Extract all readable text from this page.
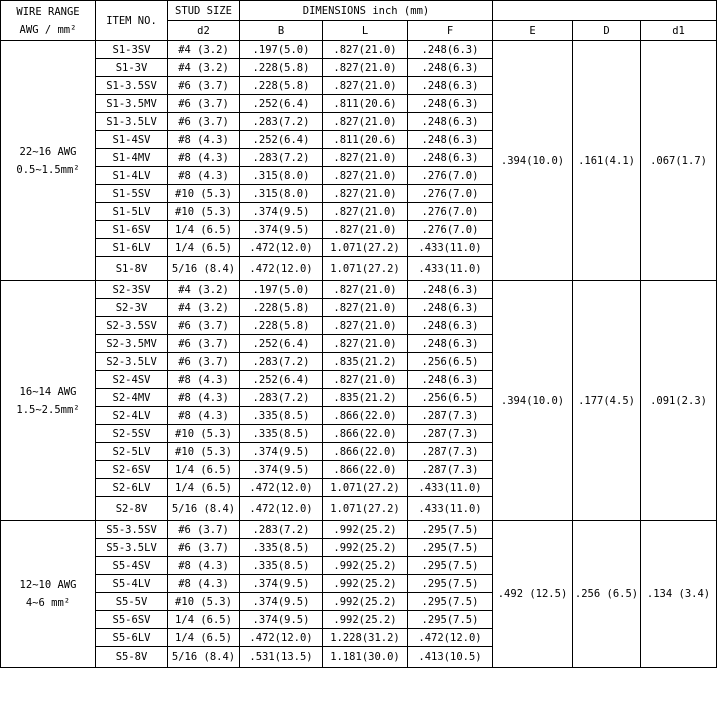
WIRE RANGE
AWG / mm²	ITEM NO.	STUD SIZE	DIMENSIONS inch (mm)					
		d2	B	L	F	E	D	d1

22~16 AWG
0.5~1.5mm²	S1-3SV	#4 (3.2)	.197(5.0)	.827(21.0)	.248(6.3)	.394(10.0)	.161(4.1)	.067(1.7)
	S1-3V	#4 (3.2)	.228(5.8)	.827(21.0)	.248(6.3)			
	S1-3.5SV	#6 (3.7)	.228(5.8)	.827(21.0)	.248(6.3)			
	S1-3.5MV	#6 (3.7)	.252(6.4)	.811(20.6)	.248(6.3)			
	S1-3.5LV	#6 (3.7)	.283(7.2)	.827(21.0)	.248(6.3)			
	S1-4SV	#8 (4.3)	.252(6.4)	.811(20.6)	.248(6.3)			
	S1-4MV	#8 (4.3)	.283(7.2)	.827(21.0)	.248(6.3)			
	S1-4LV	#8 (4.3)	.315(8.0)	.827(21.0)	.276(7.0)			
	S1-5SV	#10 (5.3)	.315(8.0)	.827(21.0)	.276(7.0)			
	S1-5LV	#10 (5.3)	.374(9.5)	.827(21.0)	.276(7.0)			
	S1-6SV	1/4 (6.5)	.374(9.5)	.827(21.0)	.276(7.0)			
	S1-6LV	1/4 (6.5)	.472(12.0)	1.071(27.2)	.433(11.0)			
	S1-8V	5/16 (8.4)	.472(12.0)	1.071(27.2)	.433(11.0)			

16~14 AWG
1.5~2.5mm²	S2-3SV	#4 (3.2)	.197(5.0)	.827(21.0)	.248(6.3)	.394(10.0)	.177(4.5)	.091(2.3)
	S2-3V	#4 (3.2)	.228(5.8)	.827(21.0)	.248(6.3)			
	S2-3.5SV	#6 (3.7)	.228(5.8)	.827(21.0)	.248(6.3)			
	S2-3.5MV	#6 (3.7)	.252(6.4)	.827(21.0)	.248(6.3)			
	S2-3.5LV	#6 (3.7)	.283(7.2)	.835(21.2)	.256(6.5)			
	S2-4SV	#8 (4.3)	.252(6.4)	.827(21.0)	.248(6.3)			
	S2-4MV	#8 (4.3)	.283(7.2)	.835(21.2)	.256(6.5)			
	S2-4LV	#8 (4.3)	.335(8.5)	.866(22.0)	.287(7.3)			
	S2-5SV	#10 (5.3)	.335(8.5)	.866(22.0)	.287(7.3)			
	S2-5LV	#10 (5.3)	.374(9.5)	.866(22.0)	.287(7.3)			
	S2-6SV	1/4 (6.5)	.374(9.5)	.866(22.0)	.287(7.3)			
	S2-6LV	1/4 (6.5)	.472(12.0)	1.071(27.2)	.433(11.0)			
	S2-8V	5/16 (8.4)	.472(12.0)	1.071(27.2)	.433(11.0)			

12~10 AWG
4~6 mm²	S5-3.5SV	#6 (3.7)	.283(7.2)	.992(25.2)	.295(7.5)	.492 (12.5)	.256 (6.5)	.134 (3.4)
	S5-3.5LV	#6 (3.7)	.335(8.5)	.992(25.2)	.295(7.5)			
	S5-4SV	#8 (4.3)	.335(8.5)	.992(25.2)	.295(7.5)			
	S5-4LV	#8 (4.3)	.374(9.5)	.992(25.2)	.295(7.5)			
	S5-5V	#10 (5.3)	.374(9.5)	.992(25.2)	.295(7.5)			
	S5-6SV	1/4 (6.5)	.374(9.5)	.992(25.2)	.295(7.5)			
	S5-6LV	1/4 (6.5)	.472(12.0)	1.228(31.2)	.472(12.0)			
	S5-8V	5/16 (8.4)	.531(13.5)	1.181(30.0)	.413(10.5)			
